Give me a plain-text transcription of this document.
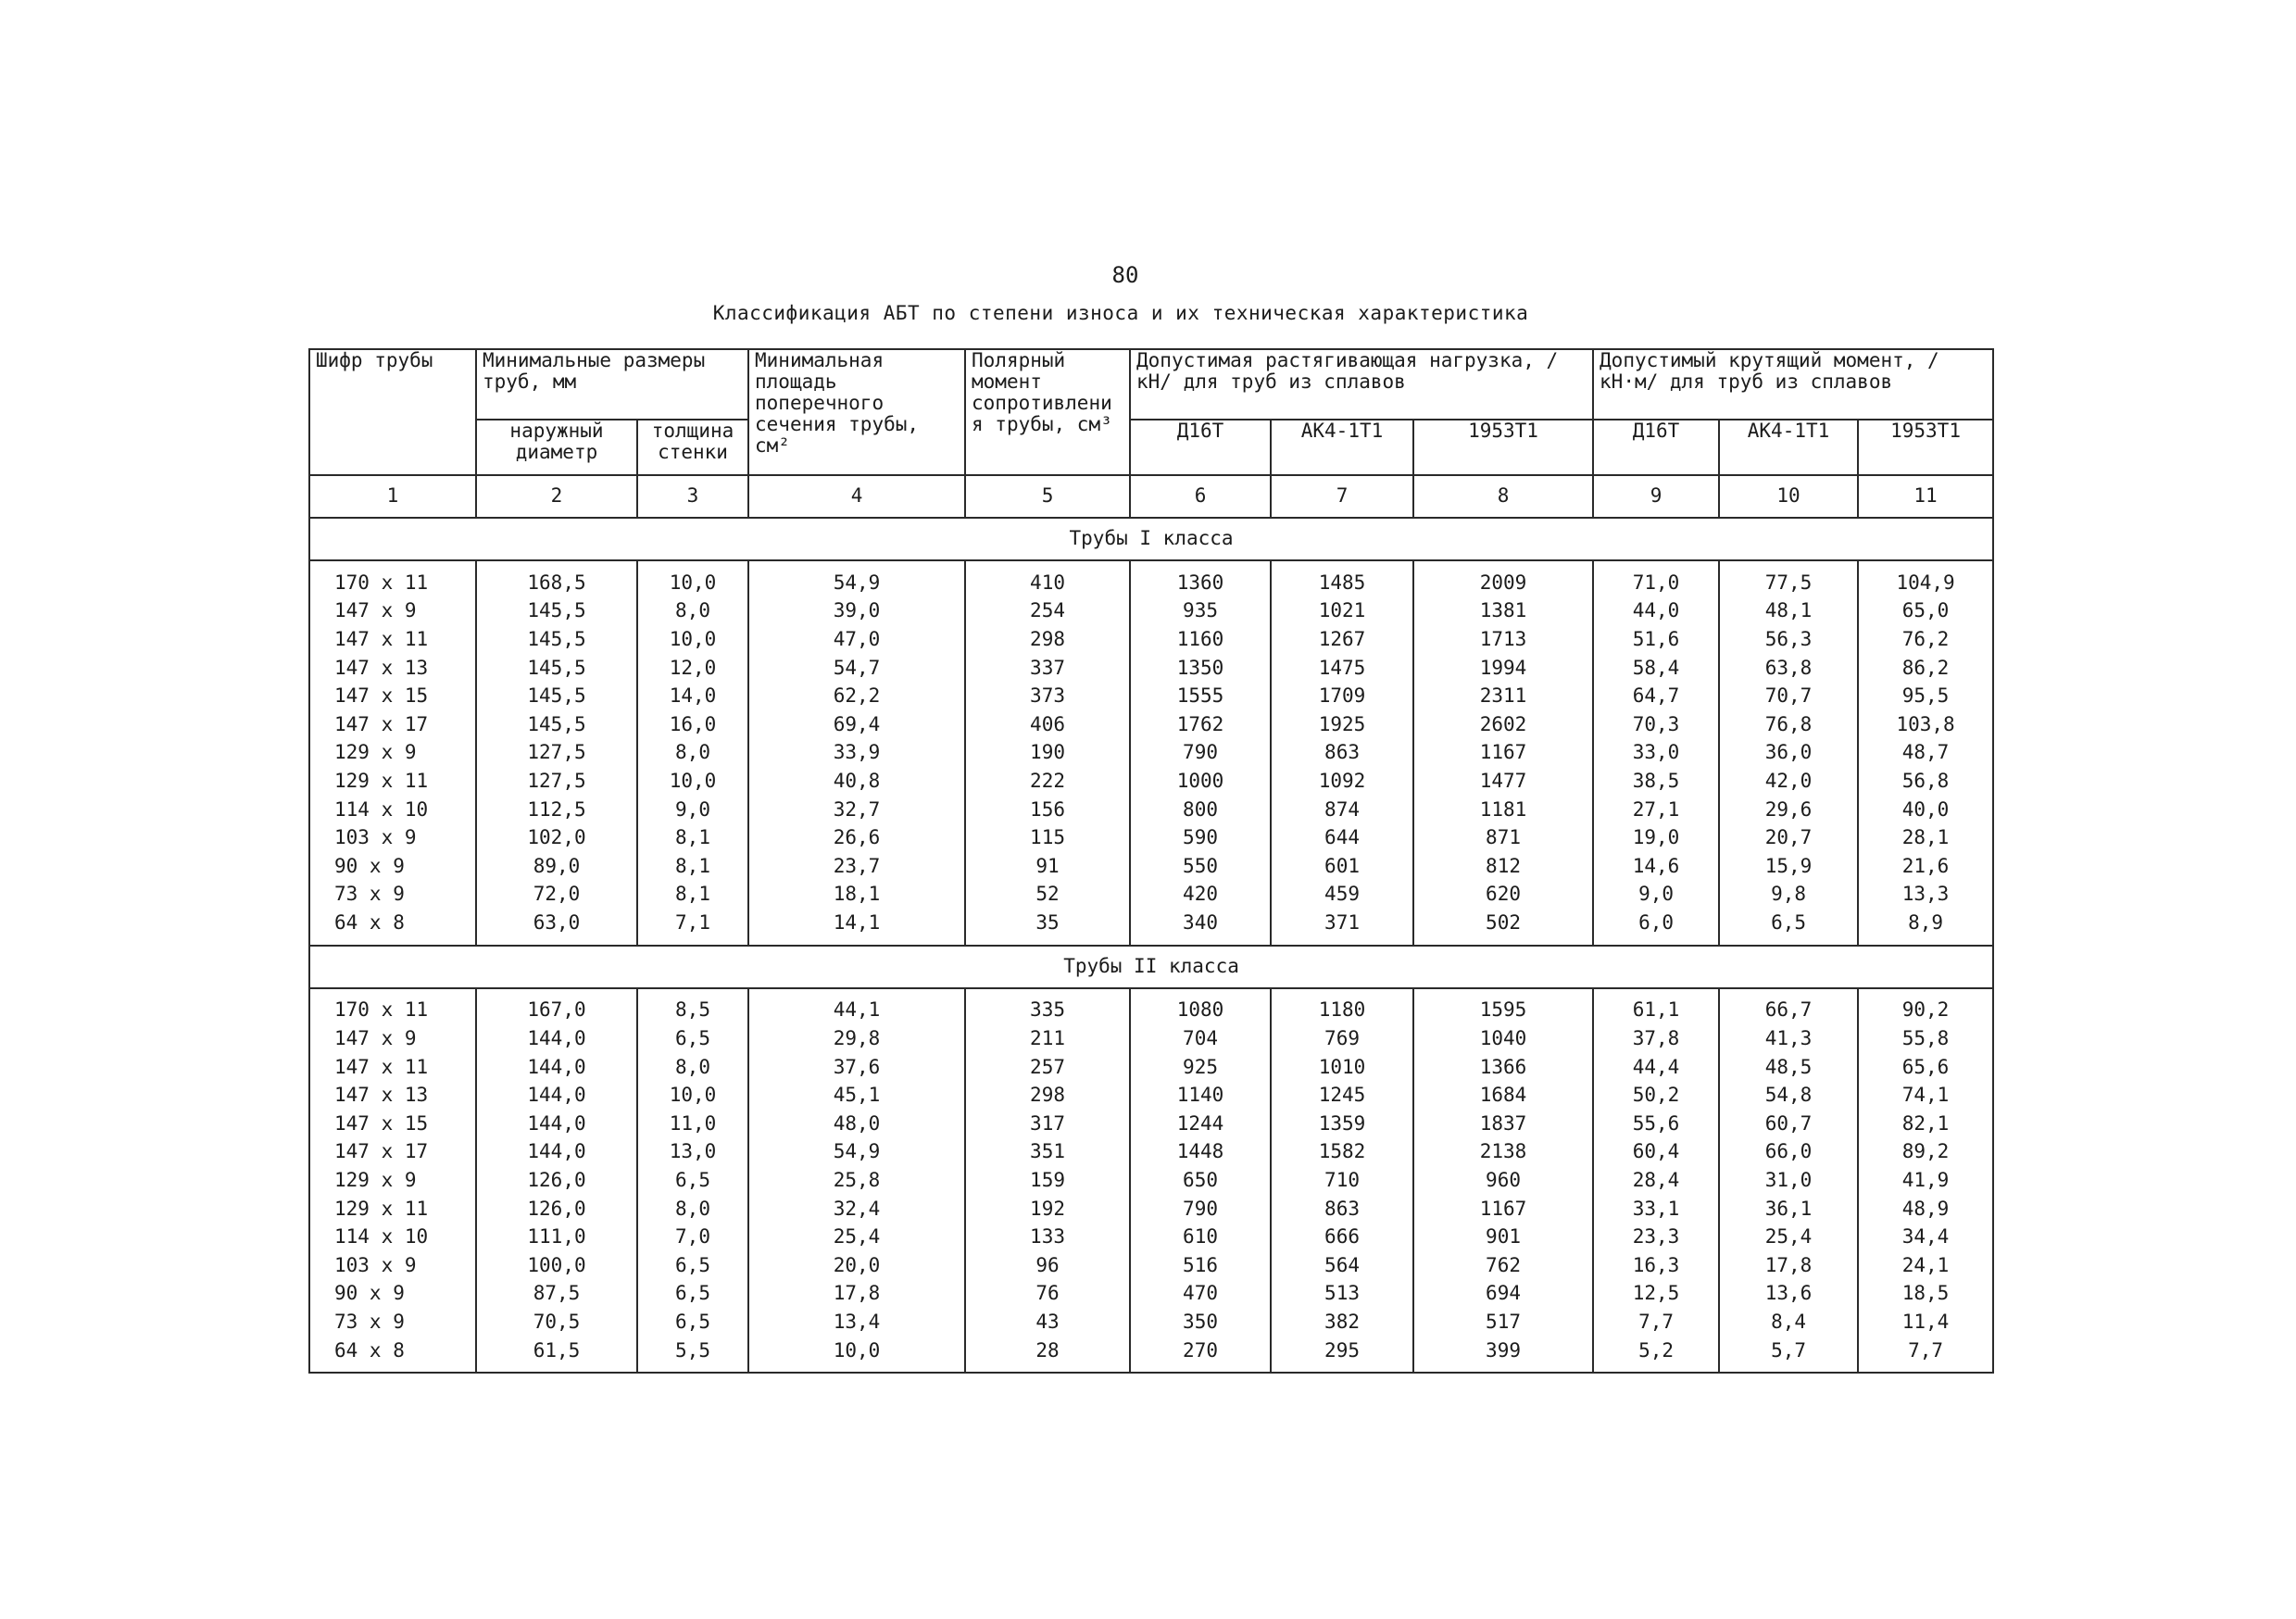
80
Классификация АБТ по степени износа и их техническая характеристика
Шифр трубы	Минимальные размеры труб, мм		Минимальная площадь поперечного сечения трубы, см²	Полярный момент сопротивления трубы, см³	Допустимая растягивающая нагрузка, /кН/ для труб из сплавов			Допустимый крутящий момент, /кН·м/ для труб из сплавов		
	наружный диаметр	толщина стенки			Д16Т	АК4-1Т1	1953Т1	Д16Т	АК4-1Т1	1953Т1
1	2	3	4	5	6	7	8	9	10	11
Трубы I класса										
170 x 11	168,5	10,0	54,9	410	1360	1485	2009	71,0	77,5	104,9
147 x 9	145,5	8,0	39,0	254	935	1021	1381	44,0	48,1	65,0
147 x 11	145,5	10,0	47,0	298	1160	1267	1713	51,6	56,3	76,2
147 x 13	145,5	12,0	54,7	337	1350	1475	1994	58,4	63,8	86,2
147 x 15	145,5	14,0	62,2	373	1555	1709	2311	64,7	70,7	95,5
147 x 17	145,5	16,0	69,4	406	1762	1925	2602	70,3	76,8	103,8
129 x 9	127,5	8,0	33,9	190	790	863	1167	33,0	36,0	48,7
129 x 11	127,5	10,0	40,8	222	1000	1092	1477	38,5	42,0	56,8
114 x 10	112,5	9,0	32,7	156	800	874	1181	27,1	29,6	40,0
103 x 9	102,0	8,1	26,6	115	590	644	871	19,0	20,7	28,1
90 x 9	89,0	8,1	23,7	91	550	601	812	14,6	15,9	21,6
73 x 9	72,0	8,1	18,1	52	420	459	620	9,0	9,8	13,3
64 x 8	63,0	7,1	14,1	35	340	371	502	6,0	6,5	8,9
Трубы II класса										
170 x 11	167,0	8,5	44,1	335	1080	1180	1595	61,1	66,7	90,2
147 x 9	144,0	6,5	29,8	211	704	769	1040	37,8	41,3	55,8
147 x 11	144,0	8,0	37,6	257	925	1010	1366	44,4	48,5	65,6
147 x 13	144,0	10,0	45,1	298	1140	1245	1684	50,2	54,8	74,1
147 x 15	144,0	11,0	48,0	317	1244	1359	1837	55,6	60,7	82,1
147 x 17	144,0	13,0	54,9	351	1448	1582	2138	60,4	66,0	89,2
129 x 9	126,0	6,5	25,8	159	650	710	960	28,4	31,0	41,9
129 x 11	126,0	8,0	32,4	192	790	863	1167	33,1	36,1	48,9
114 x 10	111,0	7,0	25,4	133	610	666	901	23,3	25,4	34,4
103 x 9	100,0	6,5	20,0	96	516	564	762	16,3	17,8	24,1
90 x 9	87,5	6,5	17,8	76	470	513	694	12,5	13,6	18,5
73 x 9	70,5	6,5	13,4	43	350	382	517	7,7	8,4	11,4
64 x 8	61,5	5,5	10,0	28	270	295	399	5,2	5,7	7,7
